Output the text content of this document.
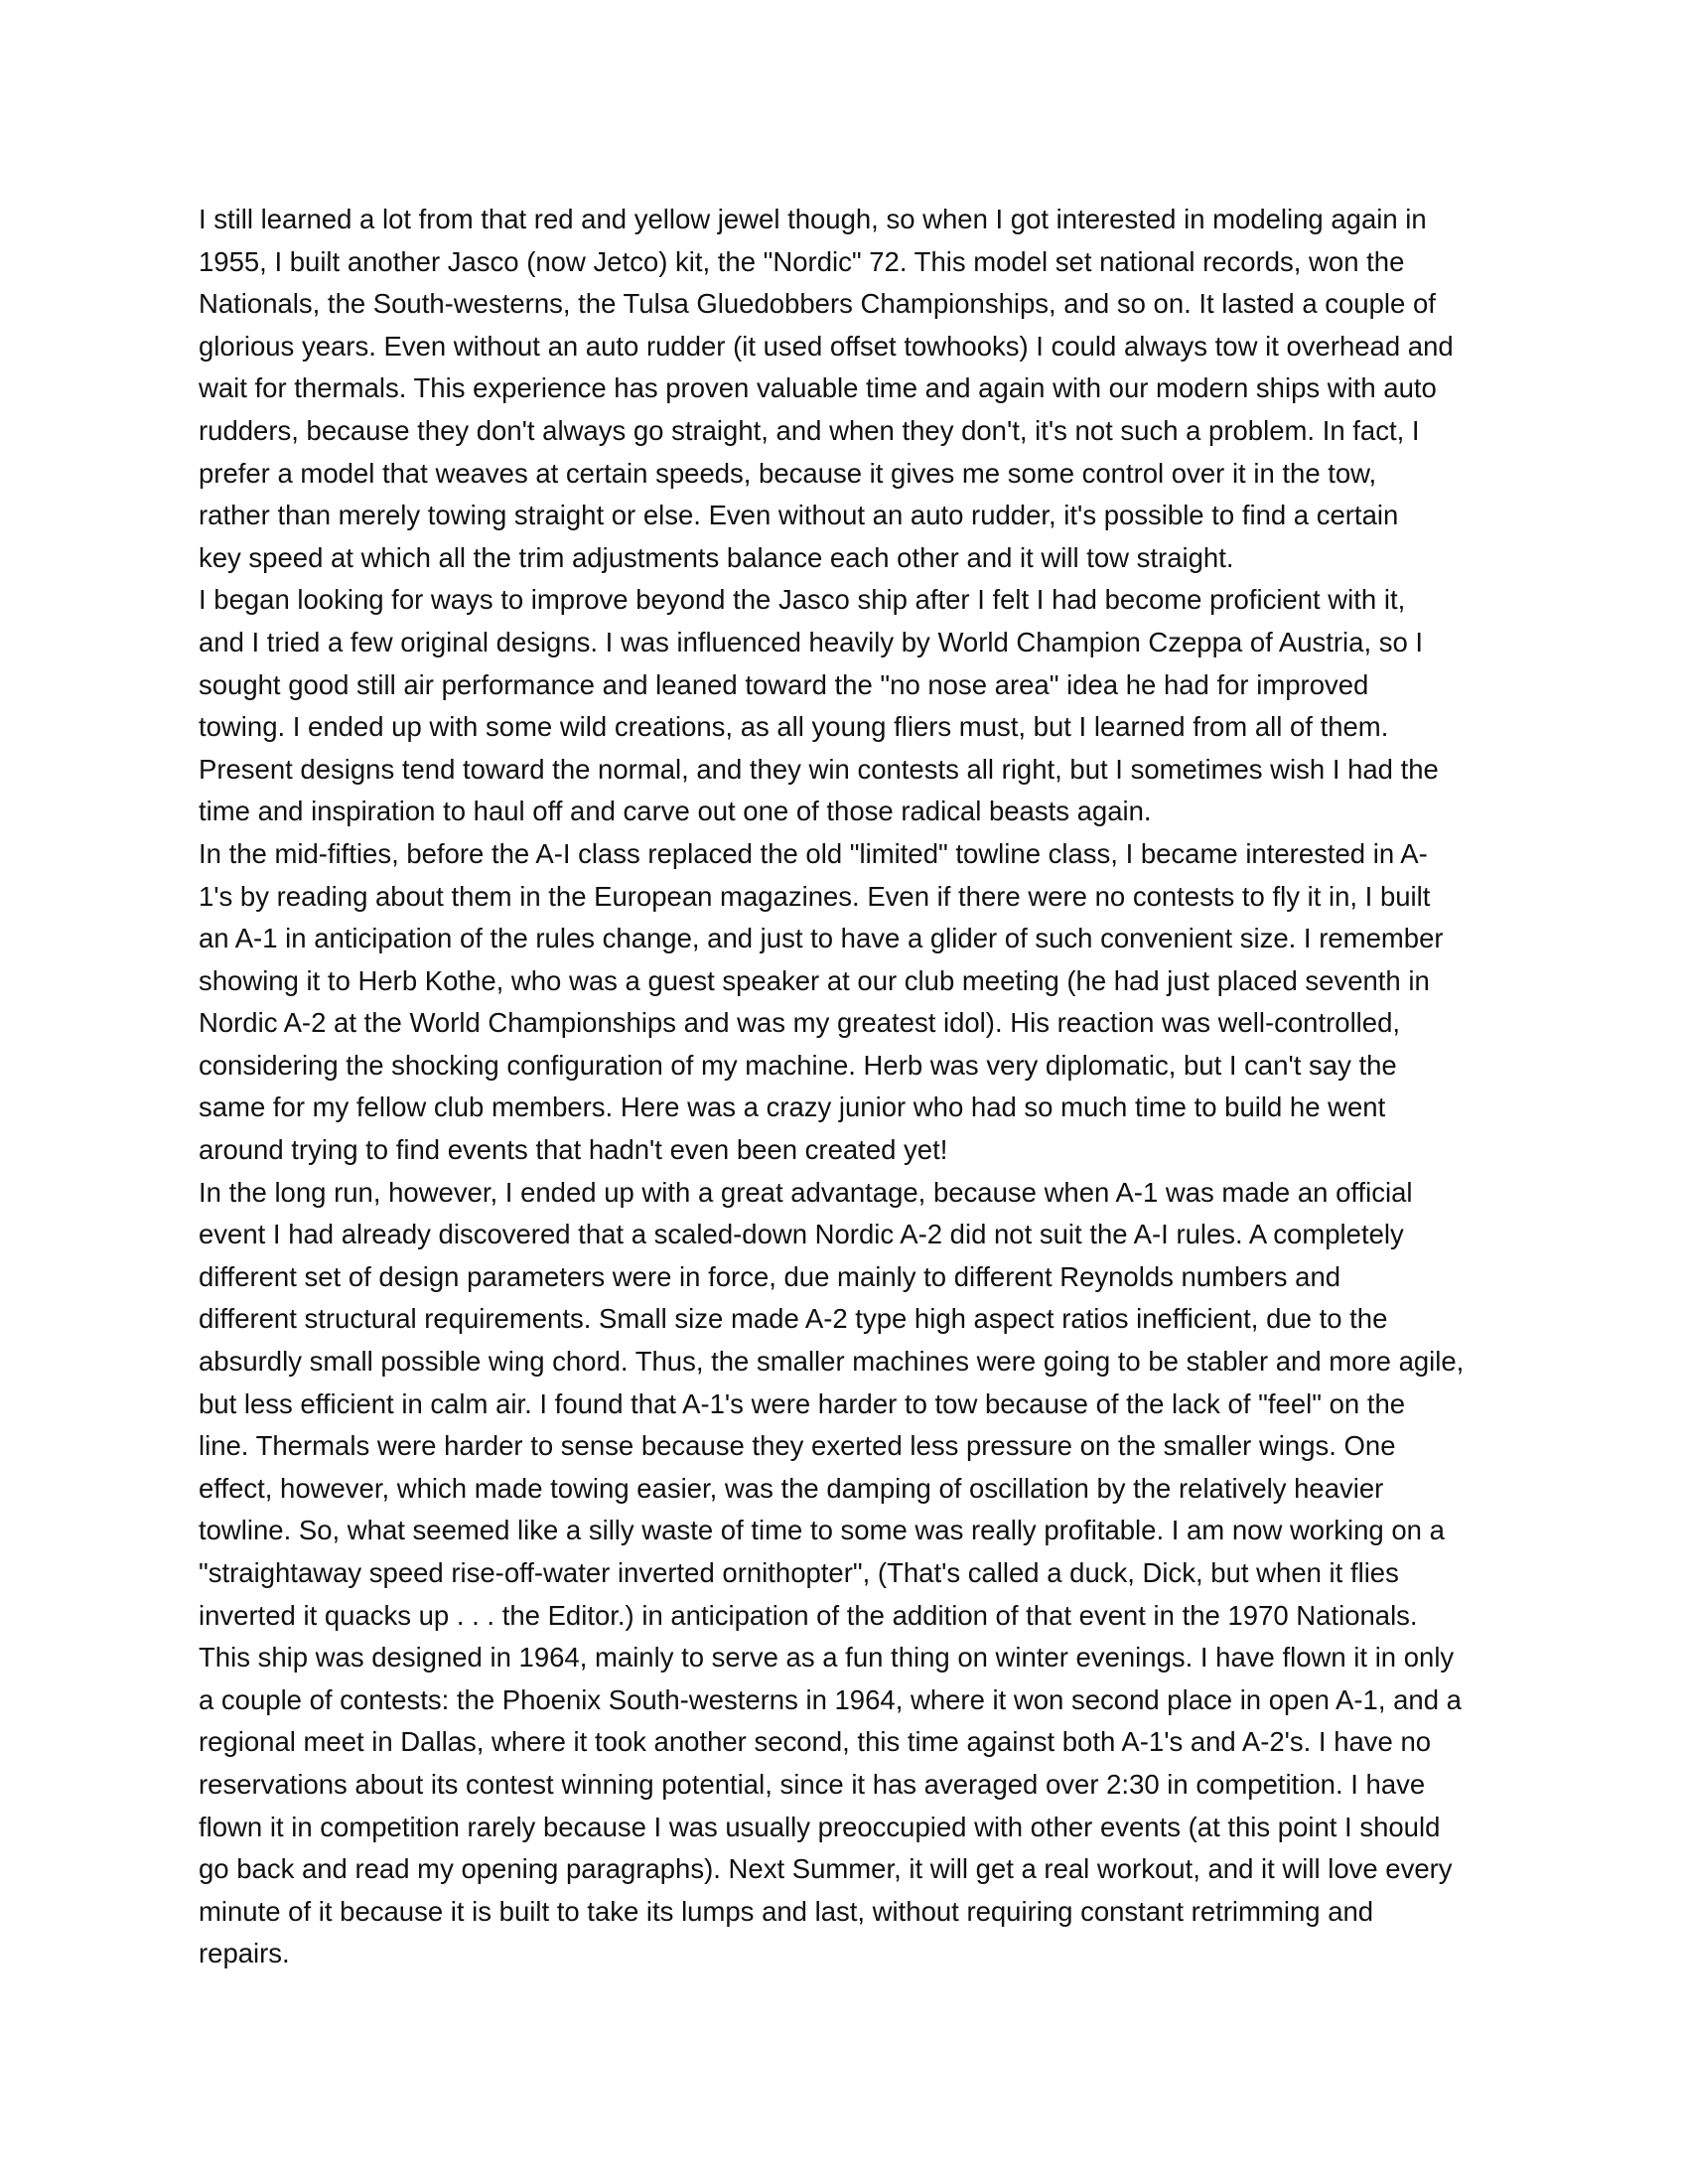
I still learned a lot from that red and yellow jewel though, so when I got interested in modeling again in
1955, I built another Jasco (now Jetco) kit, the "Nordic" 72. This model set national records, won the
Nationals, the South-westerns, the Tulsa Gluedobbers Championships, and so on. It lasted a couple of
glorious years. Even without an auto rudder (it used offset towhooks) I could always tow it overhead and
wait for thermals. This experience has proven valuable time and again with our modern ships with auto
rudders, because they don't always go straight, and when they don't, it's not such a problem. In fact, I
prefer a model that weaves at certain speeds, because it gives me some control over it in the tow,
rather than merely towing straight or else. Even without an auto rudder, it's possible to find a certain
key speed at which all the trim adjustments balance each other and it will tow straight.

I began looking for ways to improve beyond the Jasco ship after I felt I had become proficient with it,
and I tried a few original designs. I was influenced heavily by World Champion Czeppa of Austria, so I
sought good still air performance and leaned toward the "no nose area" idea he had for improved
towing. I ended up with some wild creations, as all young fliers must, but I learned from all of them.
Present designs tend toward the normal, and they win contests all right, but I sometimes wish I had the
time and inspiration to haul off and carve out one of those radical beasts again.

In the mid-fifties, before the A-I class replaced the old "limited" towline class, I became interested in A-
1's by reading about them in the European magazines. Even if there were no contests to fly it in, I built
an A-1 in anticipation of the rules change, and just to have a glider of such convenient size. I remember
showing it to Herb Kothe, who was a guest speaker at our club meeting (he had just placed seventh in
Nordic A-2 at the World Championships and was my greatest idol). His reaction was well-controlled,
considering the shocking configuration of my machine. Herb was very diplomatic, but I can't say the
same for my fellow club members. Here was a crazy junior who had so much time to build he went
around trying to find events that hadn't even been created yet!

In the long run, however, I ended up with a great advantage, because when A-1 was made an official
event I had already discovered that a scaled-down Nordic A-2 did not suit the A-I rules. A completely
different set of design parameters were in force, due mainly to different Reynolds numbers and
different structural requirements. Small size made A-2 type high aspect ratios inefficient, due to the
absurdly small possible wing chord. Thus, the smaller machines were going to be stabler and more agile,
but less efficient in calm air. I found that A-1's were harder to tow because of the lack of "feel" on the
line. Thermals were harder to sense because they exerted less pressure on the smaller wings. One
effect, however, which made towing easier, was the damping of oscillation by the relatively heavier
towline. So, what seemed like a silly waste of time to some was really profitable. I am now working on a
"straightaway speed rise-off-water inverted ornithopter", (That's called a duck, Dick, but when it flies
inverted it quacks up . . . the Editor.) in anticipation of the addition of that event in the 1970 Nationals.
This ship was designed in 1964, mainly to serve as a fun thing on winter evenings. I have flown it in only
a couple of contests: the Phoenix South-westerns in 1964, where it won second place in open A-1, and a
regional meet in Dallas, where it took another second, this time against both A-1's and A-2's. I have no
reservations about its contest winning potential, since it has averaged over 2:30 in competition. I have
flown it in competition rarely because I was usually preoccupied with other events (at this point I should
go back and read my opening paragraphs). Next Summer, it will get a real workout, and it will love every
minute of it because it is built to take its lumps and last, without requiring constant retrimming and
repairs.
